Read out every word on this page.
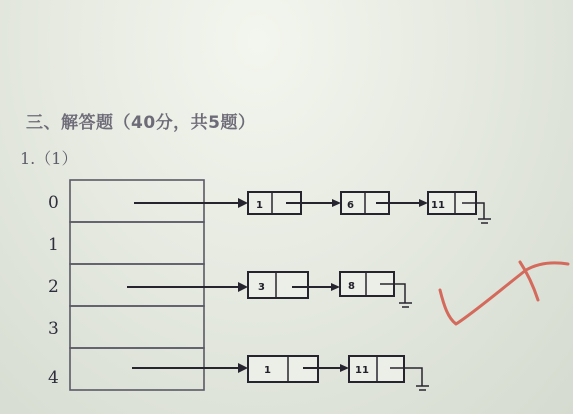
三、解答题（40分，共5题）
1.（1）
0
1
2
3
4
1	6	11
3	8
1	11
